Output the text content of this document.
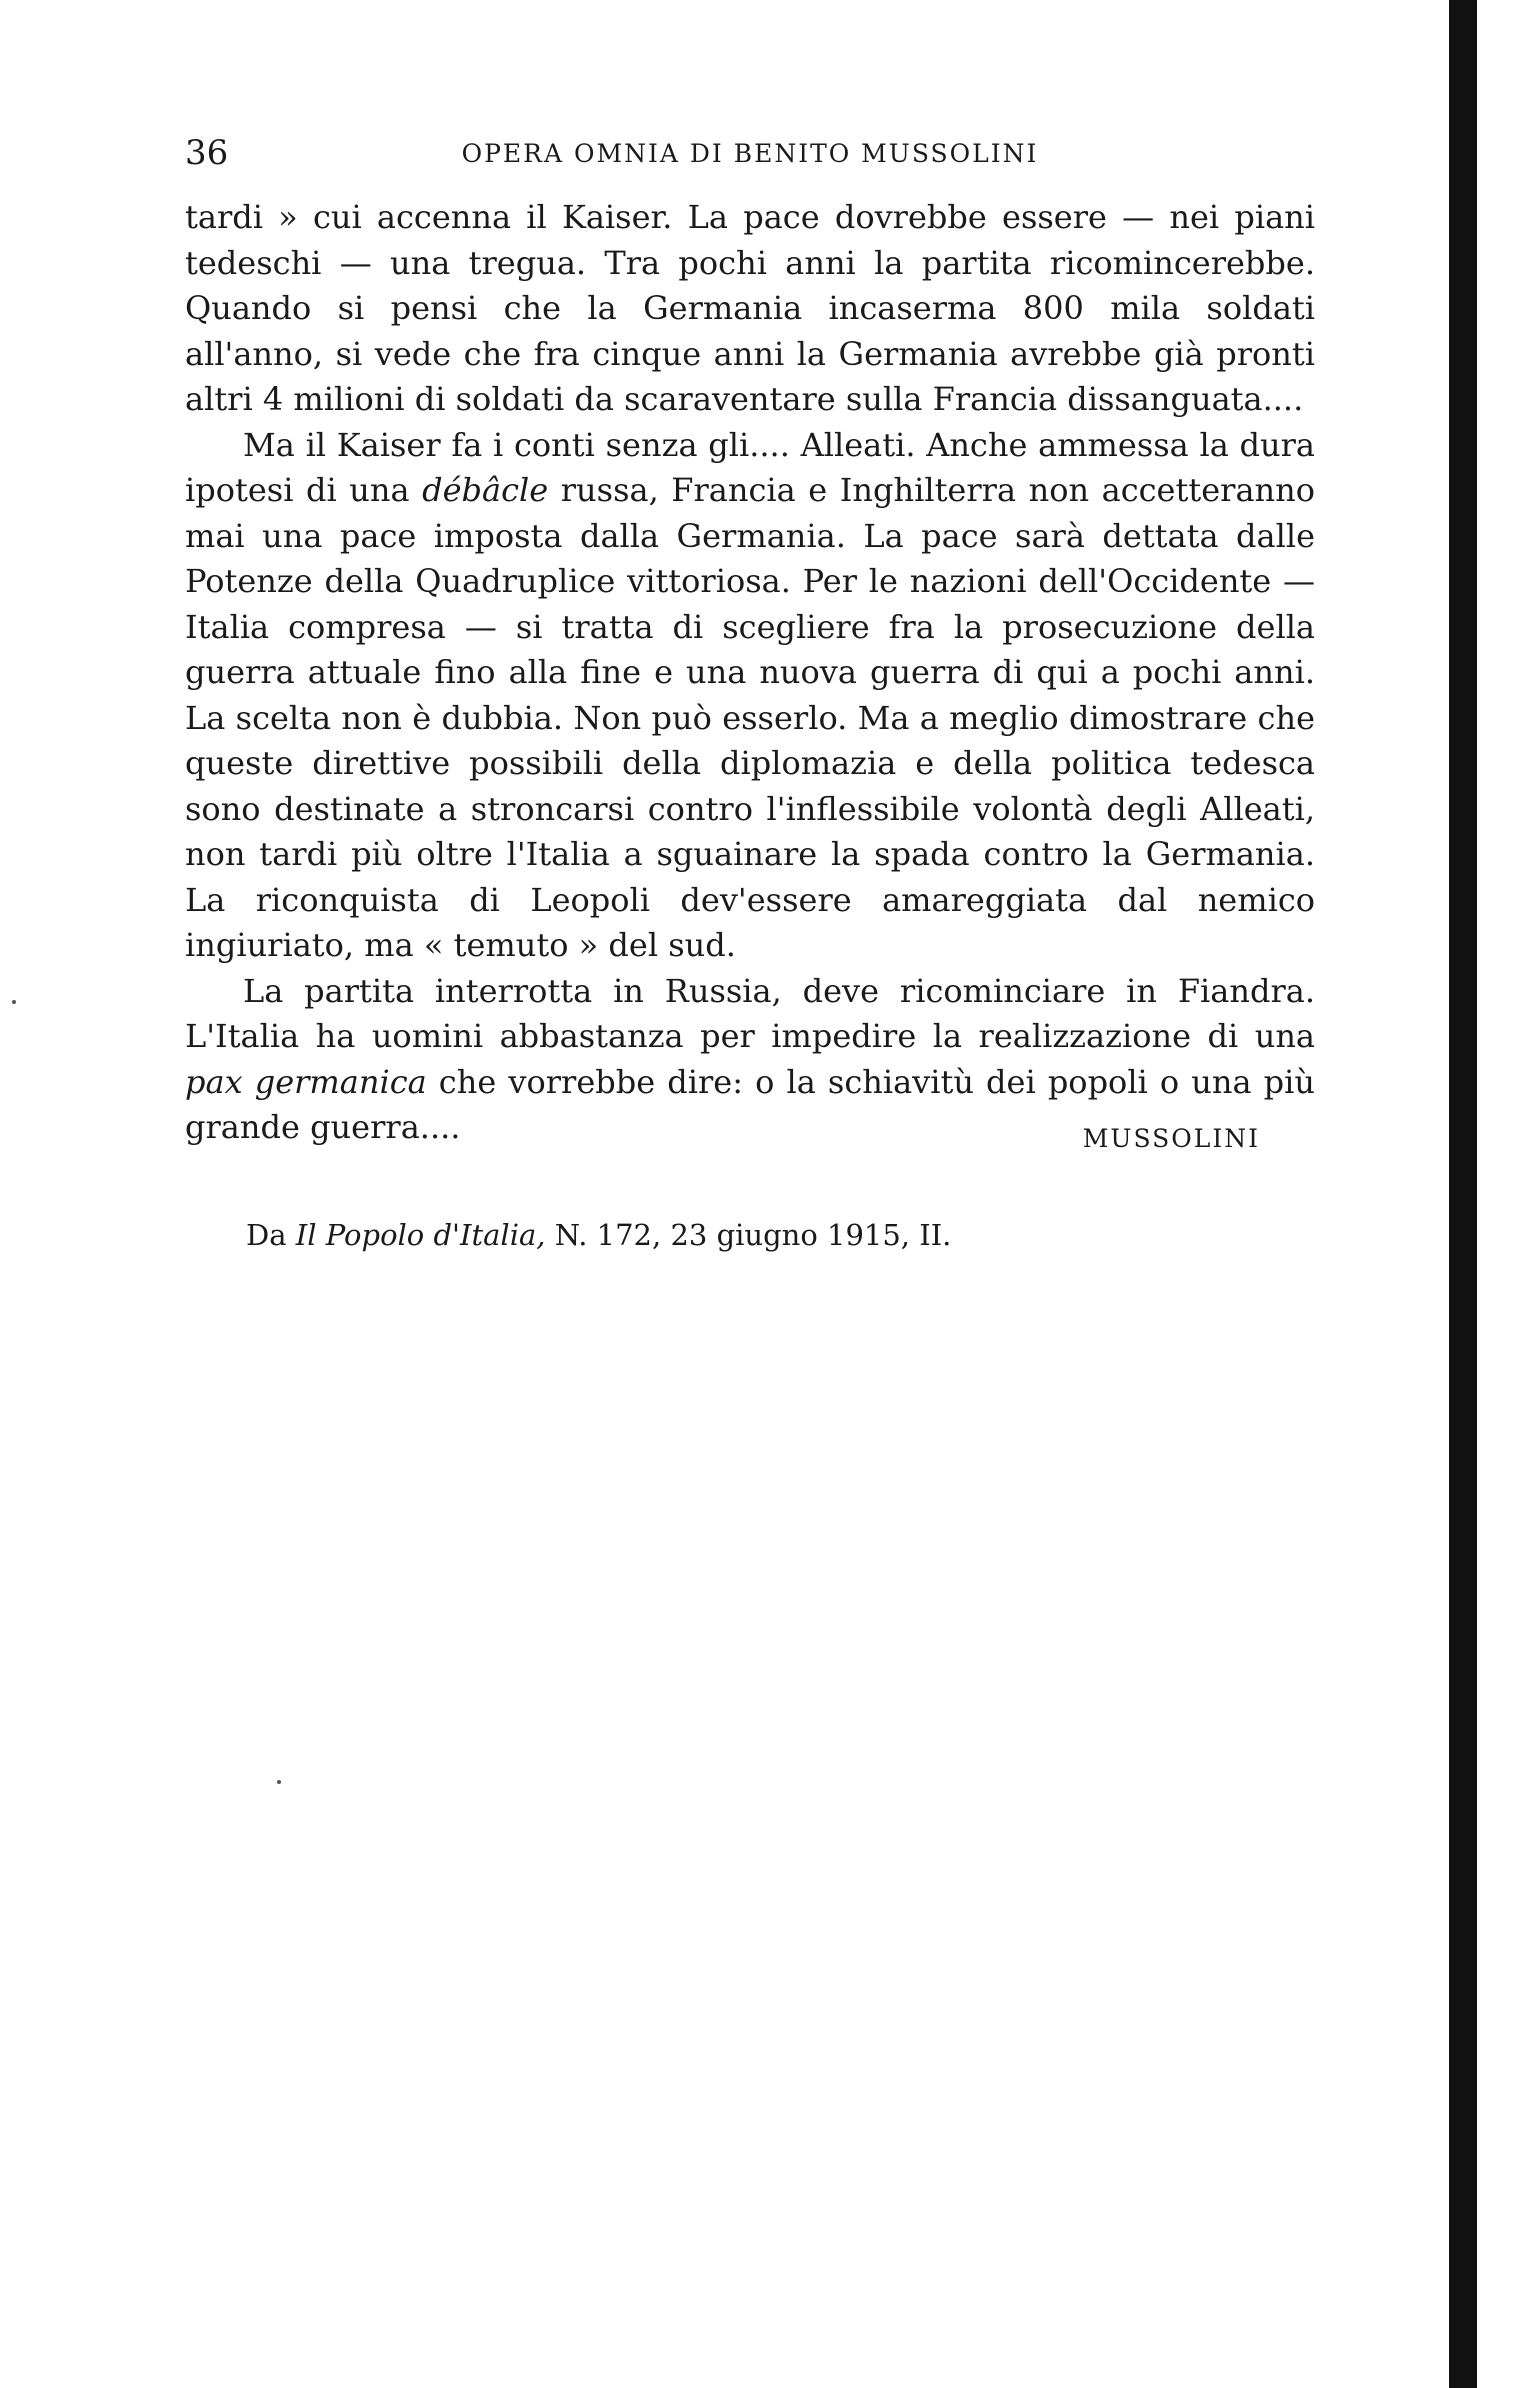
36	OPERA OMNIA DI BENITO MUSSOLINI

tardi » cui accenna il Kaiser. La pace dovrebbe essere — nei piani tedeschi — una tregua. Tra pochi anni la partita ricomincerebbe. Quando si pensi che la Germania incaserma 800 mila soldati all'anno, si vede che fra cinque anni la Germania avrebbe già pronti altri 4 milioni di soldati da scaraventare sulla Francia dissanguata....

Ma il Kaiser fa i conti senza gli.... Alleati. Anche ammessa la dura ipotesi di una débâcle russa, Francia e Inghilterra non accetteranno mai una pace imposta dalla Germania. La pace sarà dettata dalle Potenze della Quadruplice vittoriosa. Per le nazioni dell'Occidente — Italia compresa — si tratta di scegliere fra la prosecuzione della guerra attuale fino alla fine e una nuova guerra di qui a pochi anni. La scelta non è dubbia. Non può esserlo. Ma a meglio dimostrare che queste direttive possibili della diplomazia e della politica tedesca sono destinate a stroncarsi contro l'inflessibile volontà degli Alleati, non tardi più oltre l'Italia a sguainare la spada contro la Germania. La riconquista di Leopoli dev'essere amareggiata dal nemico ingiuriato, ma « temuto » del sud.

La partita interrotta in Russia, deve ricominciare in Fiandra. L'Italia ha uomini abbastanza per impedire la realizzazione di una pax germanica che vorrebbe dire: o la schiavitù dei popoli o una più grande guerra....	MUSSOLINI
Da Il Popolo d'Italia, N. 172, 23 giugno 1915, II.
